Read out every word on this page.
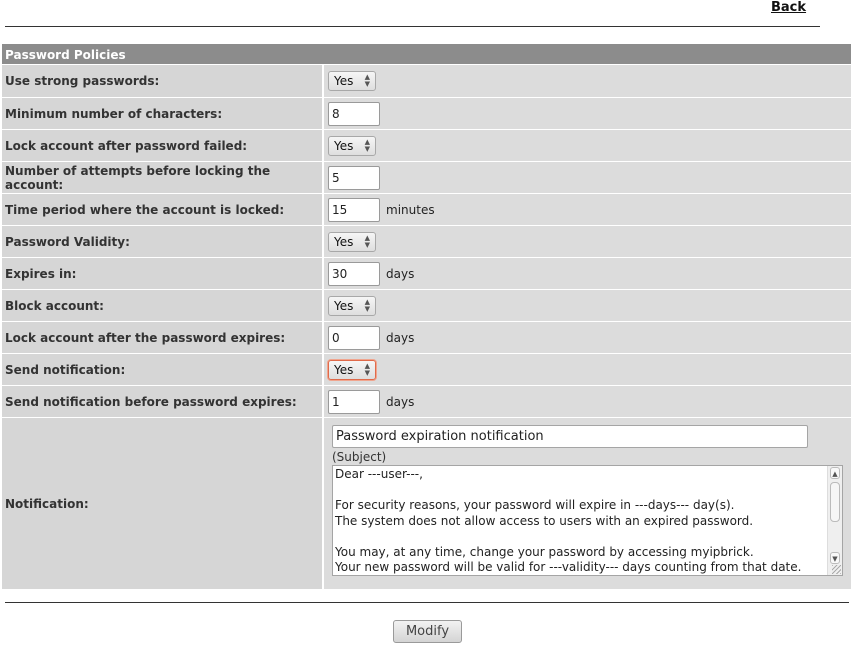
Back
Password Policies
Use strong passwords:	Yes ▲
▼
Minimum number of characters:
8
Lock account after password failed:	Yes ▲
▼
Number of attempts before locking the account:
5
Time period where the account is locked:
15	minutes
Password Validity:	Yes ▲
▼
Expires in:
30	days
Block account:	Yes ▲
▼
Lock account after the password expires:
0	days
Send notification:	Yes ▲
▼
Send notification before password expires:
1	days
Notification:
Password expiration notification
(Subject)

Dear ---user---,

For security reasons, your password will expire in ---days--- day(s).

The system does not allow access to users with an expired password.

You may, at any time, change your password by accessing myipbrick.

Your new password will be valid for ---validity--- days counting from that date.

▲
▼
Modify
